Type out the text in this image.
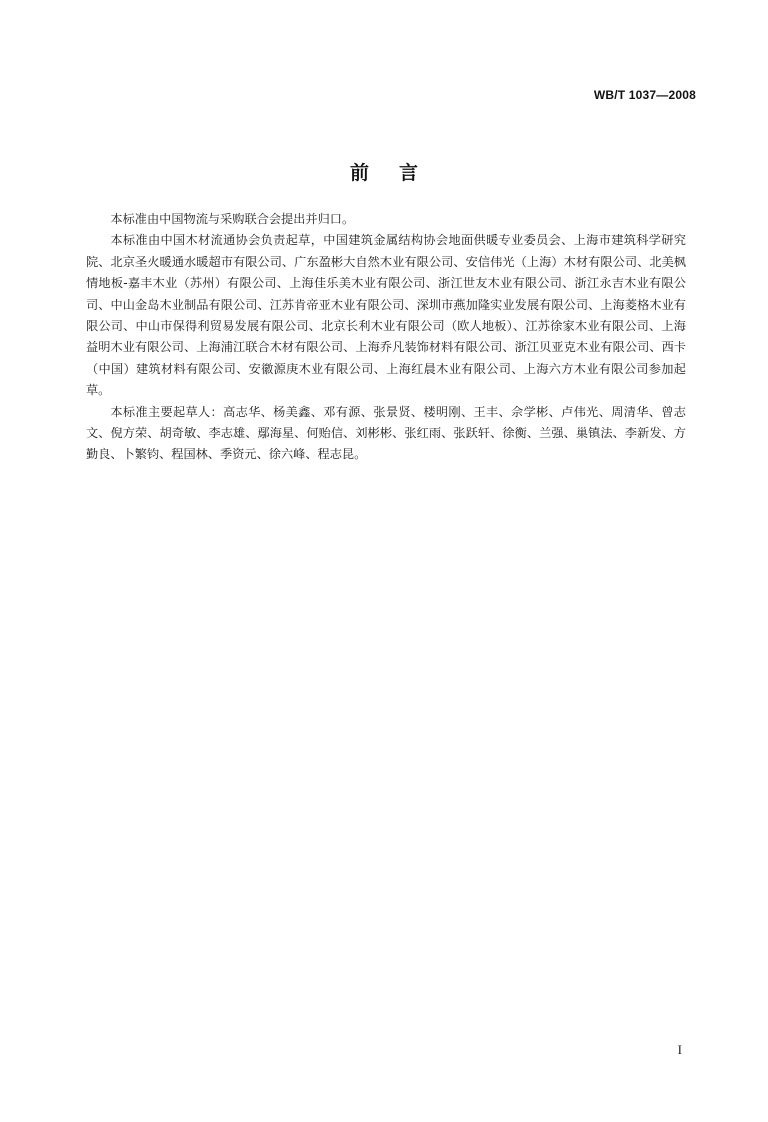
WB/T 1037—2008
前言

本标准由中国物流与采购联合会提出并归口。

本标准由中国木材流通协会负责起草，中国建筑金属结构协会地面供暖专业委员会、上海市建筑科学研究院、北京圣火暖通水暖超市有限公司、广东盈彬大自然木业有限公司、安信伟光（上海）木材有限公司、北美枫情地板-嘉丰木业（苏州）有限公司、上海佳乐美木业有限公司、浙江世友木业有限公司、浙江永吉木业有限公司、中山金岛木业制品有限公司、江苏肯帝亚木业有限公司、深圳市燕加隆实业发展有限公司、上海菱格木业有限公司、中山市保得利贸易发展有限公司、北京长利木业有限公司（欧人地板）、江苏徐家木业有限公司、上海益明木业有限公司、上海浦江联合木材有限公司、上海乔凡装饰材料有限公司、浙江贝亚克木业有限公司、西卡（中国）建筑材料有限公司、安徽源庚木业有限公司、上海红晨木业有限公司、上海六方木业有限公司参加起草。

本标准主要起草人：高志华、杨美鑫、邓有源、张景贤、楼明刚、王丰、佘学彬、卢伟光、周清华、曾志文、倪方荣、胡奇敏、李志雄、鄢海星、何贻信、刘彬彬、张红雨、张跃轩、徐衡、兰强、巢镇法、李新发、方勤良、卜繁钧、程国林、季资元、徐六峰、程志昆。

I
